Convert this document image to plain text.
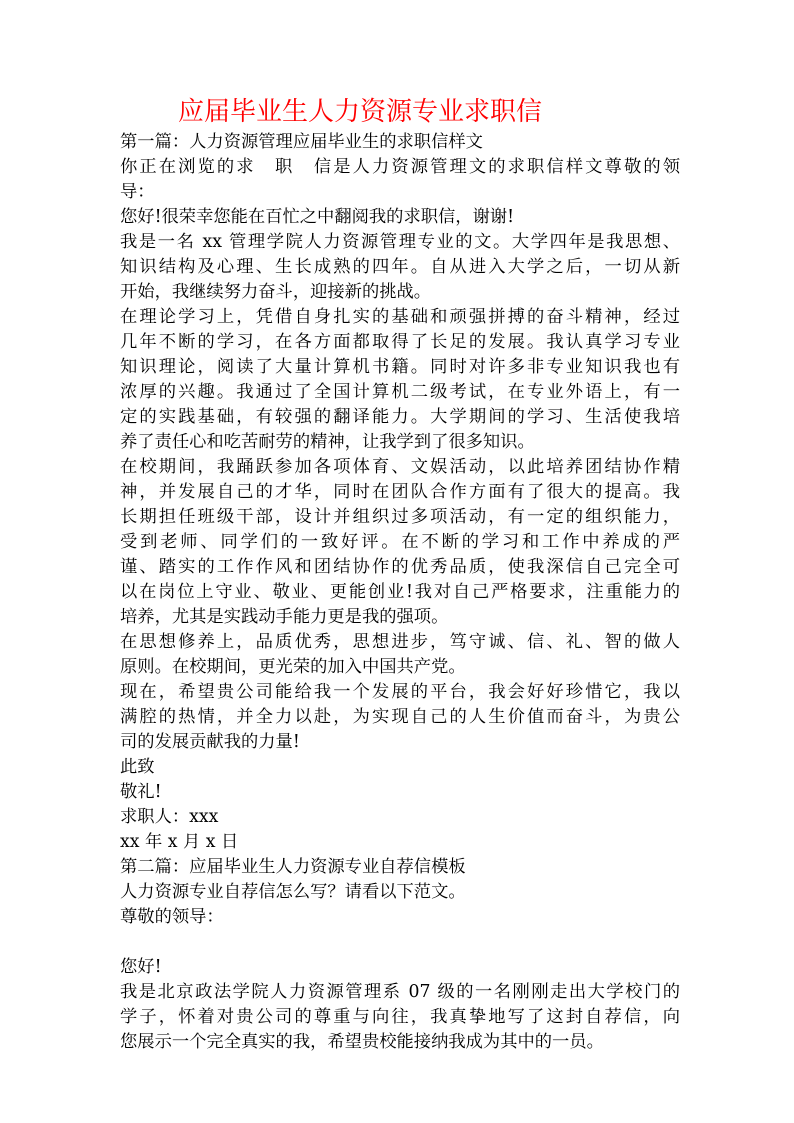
应届毕业生人力资源专业求职信
第一篇：人力资源管理应届毕业生的求职信样文
你正在浏览的求　职　信是人力资源管理文的求职信样文尊敬的领
导：
您好!很荣幸您能在百忙之中翻阅我的求职信，谢谢!
我是一名 xx 管理学院人力资源管理专业的文。大学四年是我思想、
知识结构及心理、生长成熟的四年。自从进入大学之后，一切从新
开始，我继续努力奋斗，迎接新的挑战。
在理论学习上，凭借自身扎实的基础和顽强拼搏的奋斗精神，经过
几年不断的学习，在各方面都取得了长足的发展。我认真学习专业
知识理论，阅读了大量计算机书籍。同时对许多非专业知识我也有
浓厚的兴趣。我通过了全国计算机二级考试，在专业外语上，有一
定的实践基础，有较强的翻译能力。大学期间的学习、生活使我培
养了责任心和吃苦耐劳的精神，让我学到了很多知识。
在校期间，我踊跃参加各项体育、文娱活动，以此培养团结协作精
神，并发展自己的才华，同时在团队合作方面有了很大的提高。我
长期担任班级干部，设计并组织过多项活动，有一定的组织能力，
受到老师、同学们的一致好评。在不断的学习和工作中养成的严
谨、踏实的工作作风和团结协作的优秀品质，使我深信自己完全可
以在岗位上守业、敬业、更能创业!我对自己严格要求，注重能力的
培养，尤其是实践动手能力更是我的强项。
在思想修养上，品质优秀，思想进步，笃守诚、信、礼、智的做人
原则。在校期间，更光荣的加入中国共产党。
现在，希望贵公司能给我一个发展的平台，我会好好珍惜它，我以
满腔的热情，并全力以赴，为实现自己的人生价值而奋斗，为贵公
司的发展贡献我的力量!
此致
敬礼!
求职人：xxx
xx 年 x 月 x 日
第二篇：应届毕业生人力资源专业自荐信模板
人力资源专业自荐信怎么写？请看以下范文。
尊敬的领导：
您好!
我是北京政法学院人力资源管理系 07 级的一名刚刚走出大学校门的
学子，怀着对贵公司的尊重与向往，我真挚地写了这封自荐信，向
您展示一个完全真实的我，希望贵校能接纳我成为其中的一员。
